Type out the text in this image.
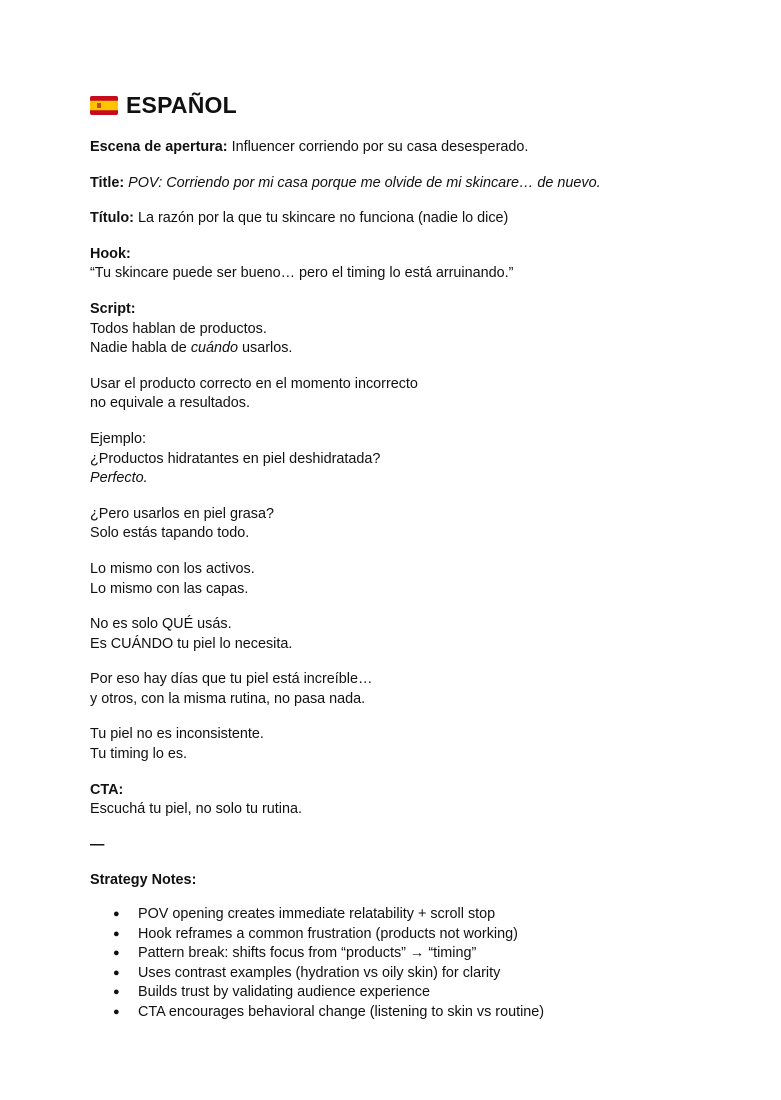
ESPAÑOL

Escena de apertura: Influencer corriendo por su casa desesperado.

Title: POV: Corriendo por mi casa porque me olvide de mi skincare… de nuevo.

Título: La razón por la que tu skincare no funciona (nadie lo dice)

Hook:
“Tu skincare puede ser bueno… pero el timing lo está arruinando.”

Script:
Todos hablan de productos.
Nadie habla de cuándo usarlos.

Usar el producto correcto en el momento incorrecto
no equivale a resultados.

Ejemplo:
¿Productos hidratantes en piel deshidratada?
Perfecto.

¿Pero usarlos en piel grasa?
Solo estás tapando todo.

Lo mismo con los activos.
Lo mismo con las capas.

No es solo QUÉ usás.
Es CUÁNDO tu piel lo necesita.

Por eso hay días que tu piel está increíble…
y otros, con la misma rutina, no pasa nada.

Tu piel no es inconsistente.
Tu timing lo es.

CTA:
Escuchá tu piel, no solo tu rutina.

—

Strategy Notes:

● POV opening creates immediate relatability + scroll stop
● Hook reframes a common frustration (products not working)
● Pattern break: shifts focus from “products” → “timing”
● Uses contrast examples (hydration vs oily skin) for clarity
● Builds trust by validating audience experience
● CTA encourages behavioral change (listening to skin vs routine)
